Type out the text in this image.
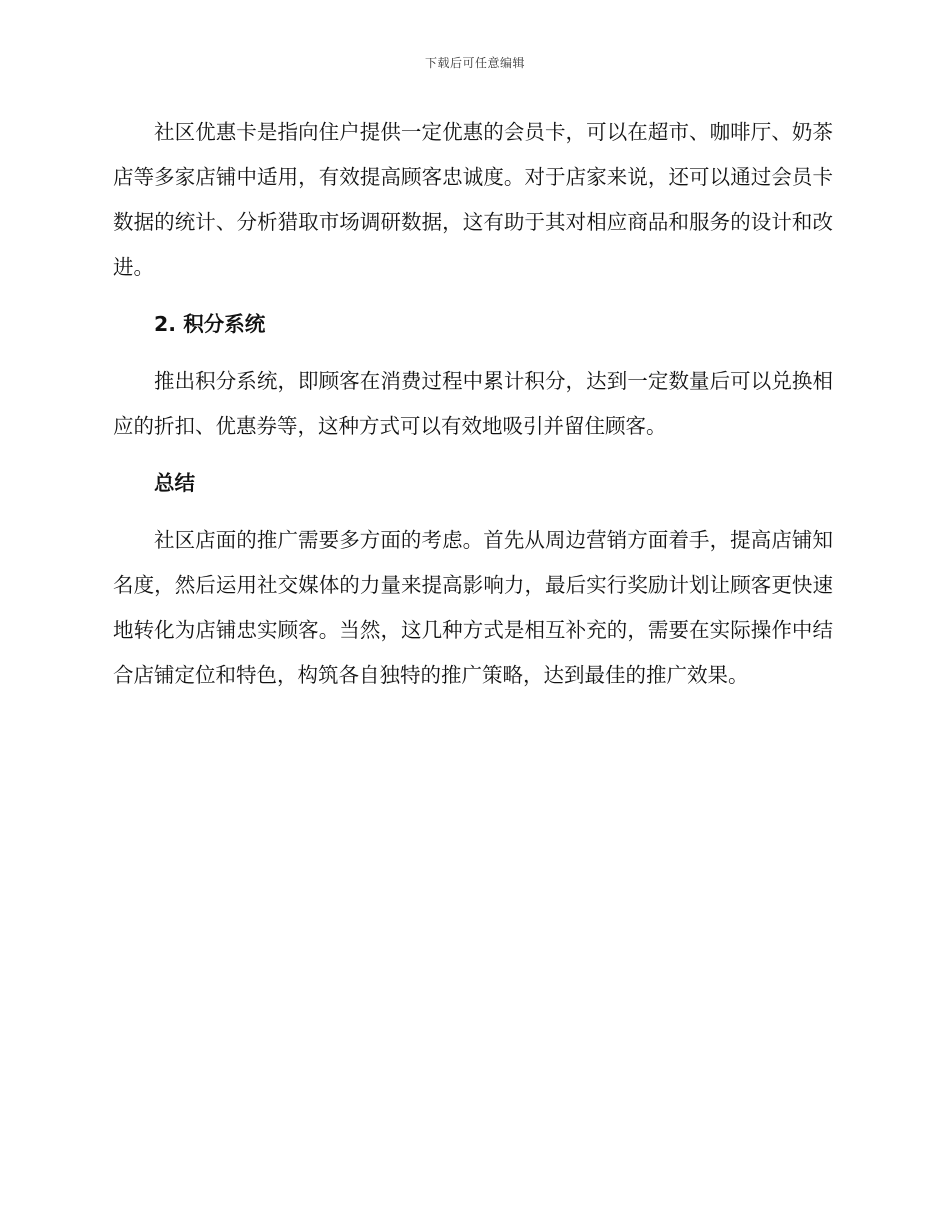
下载后可任意编辑

社区优惠卡是指向住户提供一定优惠的会员卡，可以在超市、咖啡厅、奶茶店等多家店铺中适用，有效提高顾客忠诚度。对于店家来说，还可以通过会员卡数据的统计、分析猎取市场调研数据，这有助于其对相应商品和服务的设计和改进。

2. 积分系统

推出积分系统，即顾客在消费过程中累计积分，达到一定数量后可以兑换相应的折扣、优惠券等，这种方式可以有效地吸引并留住顾客。

总结

社区店面的推广需要多方面的考虑。首先从周边营销方面着手，提高店铺知名度，然后运用社交媒体的力量来提高影响力，最后实行奖励计划让顾客更快速地转化为店铺忠实顾客。当然，这几种方式是相互补充的，需要在实际操作中结合店铺定位和特色，构筑各自独特的推广策略，达到最佳的推广效果。
